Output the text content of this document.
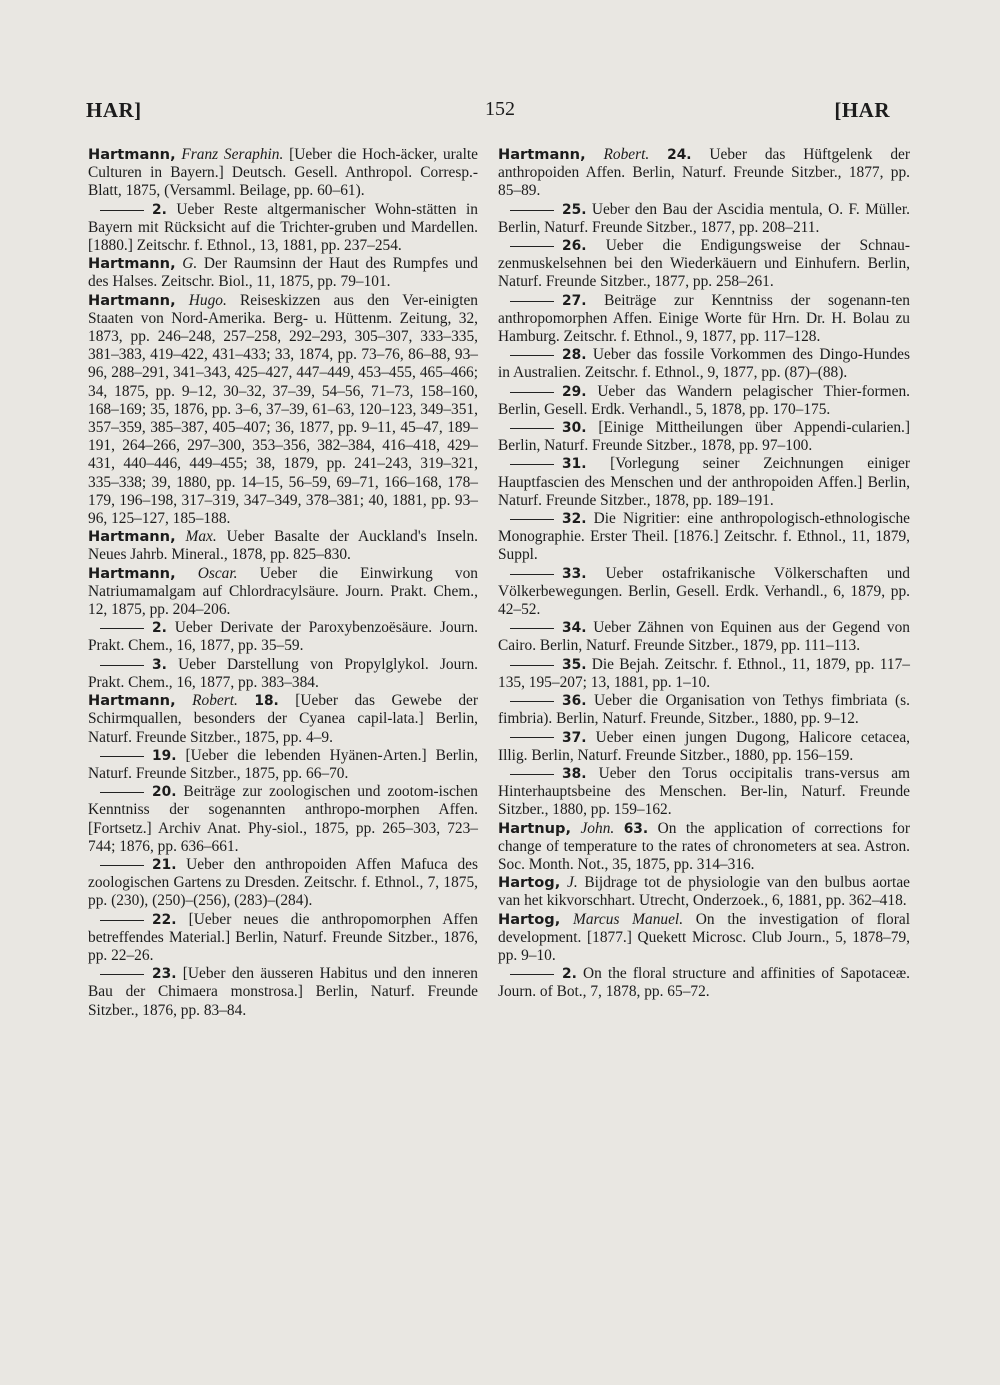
HAR]	152	[HAR

Hartmann, Franz Seraphin. [Ueber die Hoch-äcker, uralte Culturen in Bayern.] Deutsch. Gesell. Anthropol. Corresp.-Blatt, 1875, (Versamml. Beilage, pp. 60–61).

2. Ueber Reste altgermanischer Wohn-stätten in Bayern mit Rücksicht auf die Trichter-gruben und Mardellen. [1880.] Zeitschr. f. Ethnol., 13, 1881, pp. 237–254.

Hartmann, G. Der Raumsinn der Haut des Rumpfes und des Halses. Zeitschr. Biol., 11, 1875, pp. 79–101.

Hartmann, Hugo. Reiseskizzen aus den Ver-einigten Staaten von Nord-Amerika. Berg- u. Hüttenm. Zeitung, 32, 1873, pp. 246–248, 257–258, 292–293, 305–307, 333–335, 381–383, 419–422, 431–433; 33, 1874, pp. 73–76, 86–88, 93–96, 288–291, 341–343, 425–427, 447–449, 453–455, 465–466; 34, 1875, pp. 9–12, 30–32, 37–39, 54–56, 71–73, 158–160, 168–169; 35, 1876, pp. 3–6, 37–39, 61–63, 120–123, 349–351, 357–359, 385–387, 405–407; 36, 1877, pp. 9–11, 45–47, 189–191, 264–266, 297–300, 353–356, 382–384, 416–418, 429–431, 440–446, 449–455; 38, 1879, pp. 241–243, 319–321, 335–338; 39, 1880, pp. 14–15, 56–59, 69–71, 166–168, 178–179, 196–198, 317–319, 347–349, 378–381; 40, 1881, pp. 93–96, 125–127, 185–188.

Hartmann, Max. Ueber Basalte der Auckland's Inseln. Neues Jahrb. Mineral., 1878, pp. 825–830.

Hartmann, Oscar. Ueber die Einwirkung von Natriumamalgam auf Chlordracylsäure. Journ. Prakt. Chem., 12, 1875, pp. 204–206.

2. Ueber Derivate der Paroxybenzoësäure. Journ. Prakt. Chem., 16, 1877, pp. 35–59.

3. Ueber Darstellung von Propylglykol. Journ. Prakt. Chem., 16, 1877, pp. 383–384.

Hartmann, Robert. 18. [Ueber das Gewebe der Schirmquallen, besonders der Cyanea capil-lata.] Berlin, Naturf. Freunde Sitzber., 1875, pp. 4–9.

19. [Ueber die lebenden Hyänen-Arten.] Berlin, Naturf. Freunde Sitzber., 1875, pp. 66–70.

20. Beiträge zur zoologischen und zootom-ischen Kenntniss der sogenannten anthropo-morphen Affen. [Fortsetz.] Archiv Anat. Phy-siol., 1875, pp. 265–303, 723–744; 1876, pp. 636–661.

21. Ueber den anthropoiden Affen Mafuca des zoologischen Gartens zu Dresden. Zeitschr. f. Ethnol., 7, 1875, pp. (230), (250)–(256), (283)–(284).

22. [Ueber neues die anthropomorphen Affen betreffendes Material.] Berlin, Naturf. Freunde Sitzber., 1876, pp. 22–26.

23. [Ueber den äusseren Habitus und den inneren Bau der Chimaera monstrosa.] Berlin, Naturf. Freunde Sitzber., 1876, pp. 83–84.

Hartmann, Robert. 24. Ueber das Hüftgelenk der anthropoiden Affen. Berlin, Naturf. Freunde Sitzber., 1877, pp. 85–89.

25. Ueber den Bau der Ascidia mentula, O. F. Müller. Berlin, Naturf. Freunde Sitzber., 1877, pp. 208–211.

26. Ueber die Endigungsweise der Schnau-zenmuskelsehnen bei den Wiederkäuern und Einhufern. Berlin, Naturf. Freunde Sitzber., 1877, pp. 258–261.

27. Beiträge zur Kenntniss der sogenann-ten anthropomorphen Affen. Einige Worte für Hrn. Dr. H. Bolau zu Hamburg. Zeitschr. f. Ethnol., 9, 1877, pp. 117–128.

28. Ueber das fossile Vorkommen des Dingo-Hundes in Australien. Zeitschr. f. Ethnol., 9, 1877, pp. (87)–(88).

29. Ueber das Wandern pelagischer Thier-formen. Berlin, Gesell. Erdk. Verhandl., 5, 1878, pp. 170–175.

30. [Einige Mittheilungen über Appendi-cularien.] Berlin, Naturf. Freunde Sitzber., 1878, pp. 97–100.

31. [Vorlegung seiner Zeichnungen einiger Hauptfascien des Menschen und der anthropoiden Affen.] Berlin, Naturf. Freunde Sitzber., 1878, pp. 189–191.

32. Die Nigritier: eine anthropologisch-ethnologische Monographie. Erster Theil. [1876.] Zeitschr. f. Ethnol., 11, 1879, Suppl.

33. Ueber ostafrikanische Völkerschaften und Völkerbewegungen. Berlin, Gesell. Erdk. Verhandl., 6, 1879, pp. 42–52.

34. Ueber Zähnen von Equinen aus der Gegend von Cairo. Berlin, Naturf. Freunde Sitzber., 1879, pp. 111–113.

35. Die Bejah. Zeitschr. f. Ethnol., 11, 1879, pp. 117–135, 195–207; 13, 1881, pp. 1–10.

36. Ueber die Organisation von Tethys fimbriata (s. fimbria). Berlin, Naturf. Freunde, Sitzber., 1880, pp. 9–12.

37. Ueber einen jungen Dugong, Halicore cetacea, Illig. Berlin, Naturf. Freunde Sitzber., 1880, pp. 156–159.

38. Ueber den Torus occipitalis trans-versus am Hinterhauptsbeine des Menschen. Ber-lin, Naturf. Freunde Sitzber., 1880, pp. 159–162.

Hartnup, John. 63. On the application of corrections for change of temperature to the rates of chronometers at sea. Astron. Soc. Month. Not., 35, 1875, pp. 314–316.

Hartog, J. Bijdrage tot de physiologie van den bulbus aortae van het kikvorschhart. Utrecht, Onderzoek., 6, 1881, pp. 362–418.

Hartog, Marcus Manuel. On the investigation of floral development. [1877.] Quekett Microsc. Club Journ., 5, 1878–79, pp. 9–10.

2. On the floral structure and affinities of Sapotaceæ. Journ. of Bot., 7, 1878, pp. 65–72.
